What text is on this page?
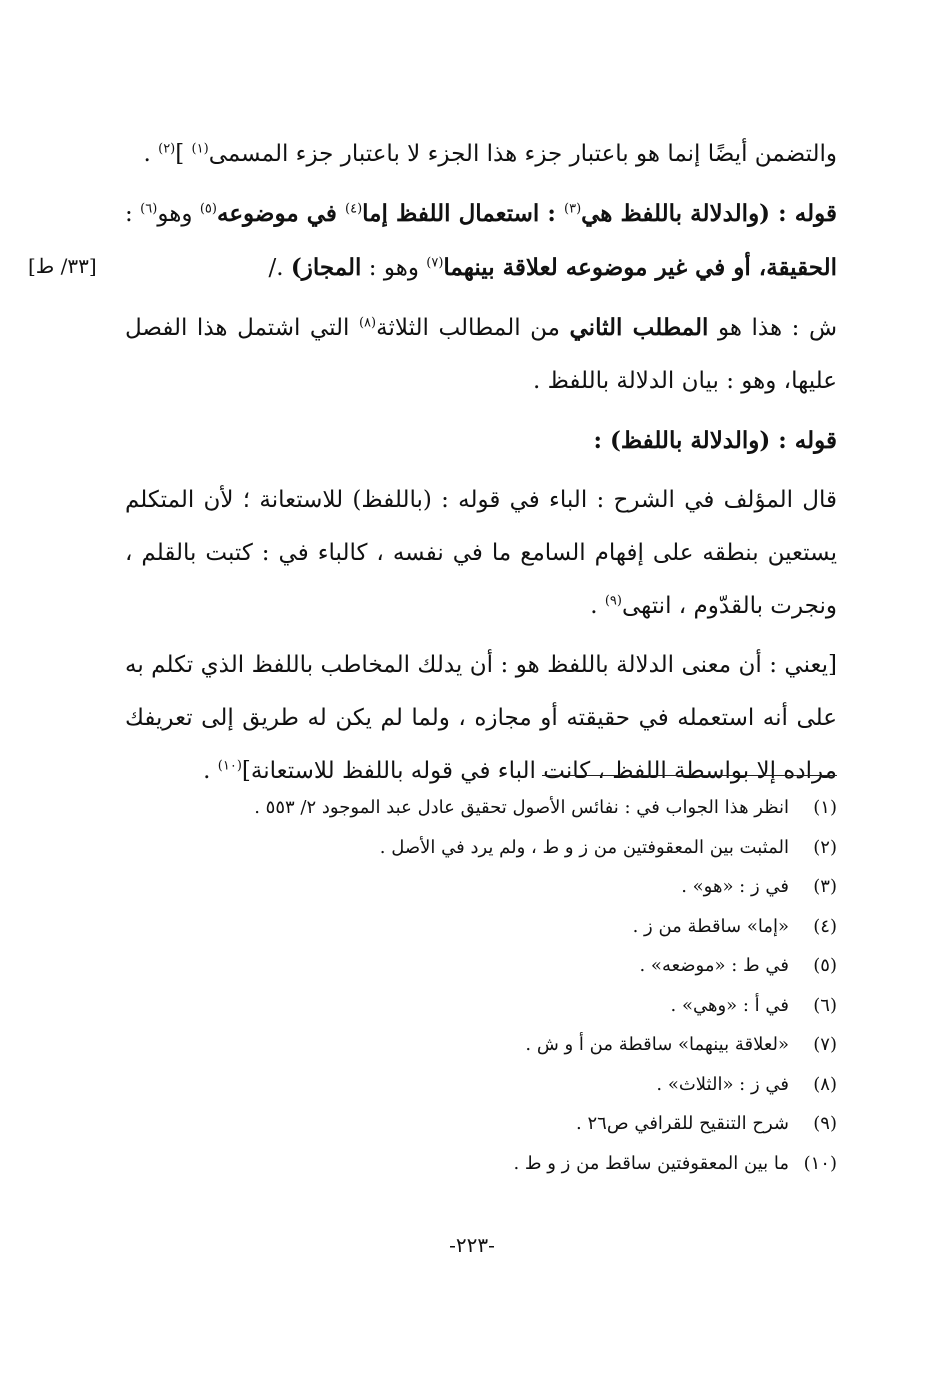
[٣٣/ ط]

والتضمن أيضًا إنما هو باعتبار جزء هذا الجزء لا باعتبار جزء المسمى$^{(١)}$ ]$^{(٢)}$ .

قوله : (والدلالة باللفظ هي$^{(٣)}$ : استعمال اللفظ إما$^{(٤)}$ في موضوعه$^{(٥)}$ وهو$^{(٦)}$ : الحقيقة، أو في غير موضوعه لعلاقة بينهما$^{(٧)}$ وهو : المجاز) ./

ش : هذا هو المطلب الثاني من المطالب الثلاثة$^{(٨)}$ التي اشتمل هذا الفصل عليها، وهو : بيان الدلالة باللفظ .

قوله : (والدلالة باللفظ) :

قال المؤلف في الشرح : الباء في قوله : (باللفظ) للاستعانة ؛ لأن المتكلم يستعين بنطقه على إفهام السامع ما في نفسه ، كالباء في : كتبت بالقلم ، ونجرت بالقدّوم ، انتهى$^{(٩)}$ .

[يعني : أن معنى الدلالة باللفظ هو : أن يدلك المخاطب باللفظ الذي تكلم به على أنه استعمله في حقيقته أو مجازه ، ولما لم يكن له طريق إلى تعريفك مراده إلا بواسطة اللفظ ، كانت الباء في قوله باللفظ للاستعانة]$^{(١٠)}$ .

(١)انظر هذا الجواب في : نفائس الأصول تحقيق عادل عبد الموجود ٢/ ٥٥٣ .
(٢)المثبت بين المعقوفتين من ز و ط ، ولم يرد في الأصل .
(٣)في ز : «هو» .
(٤)«إما» ساقطة من ز .
(٥)في ط : «موضعه» .
(٦)في أ : «وهي» .
(٧)«لعلاقة بينهما» ساقطة من أ و ش .
(٨)في ز : «الثلاث» .
(٩)شرح التنقيح للقرافي ص٢٦ .
(١٠)ما بين المعقوفتين ساقط من ز و ط .
-٢٢٣-
